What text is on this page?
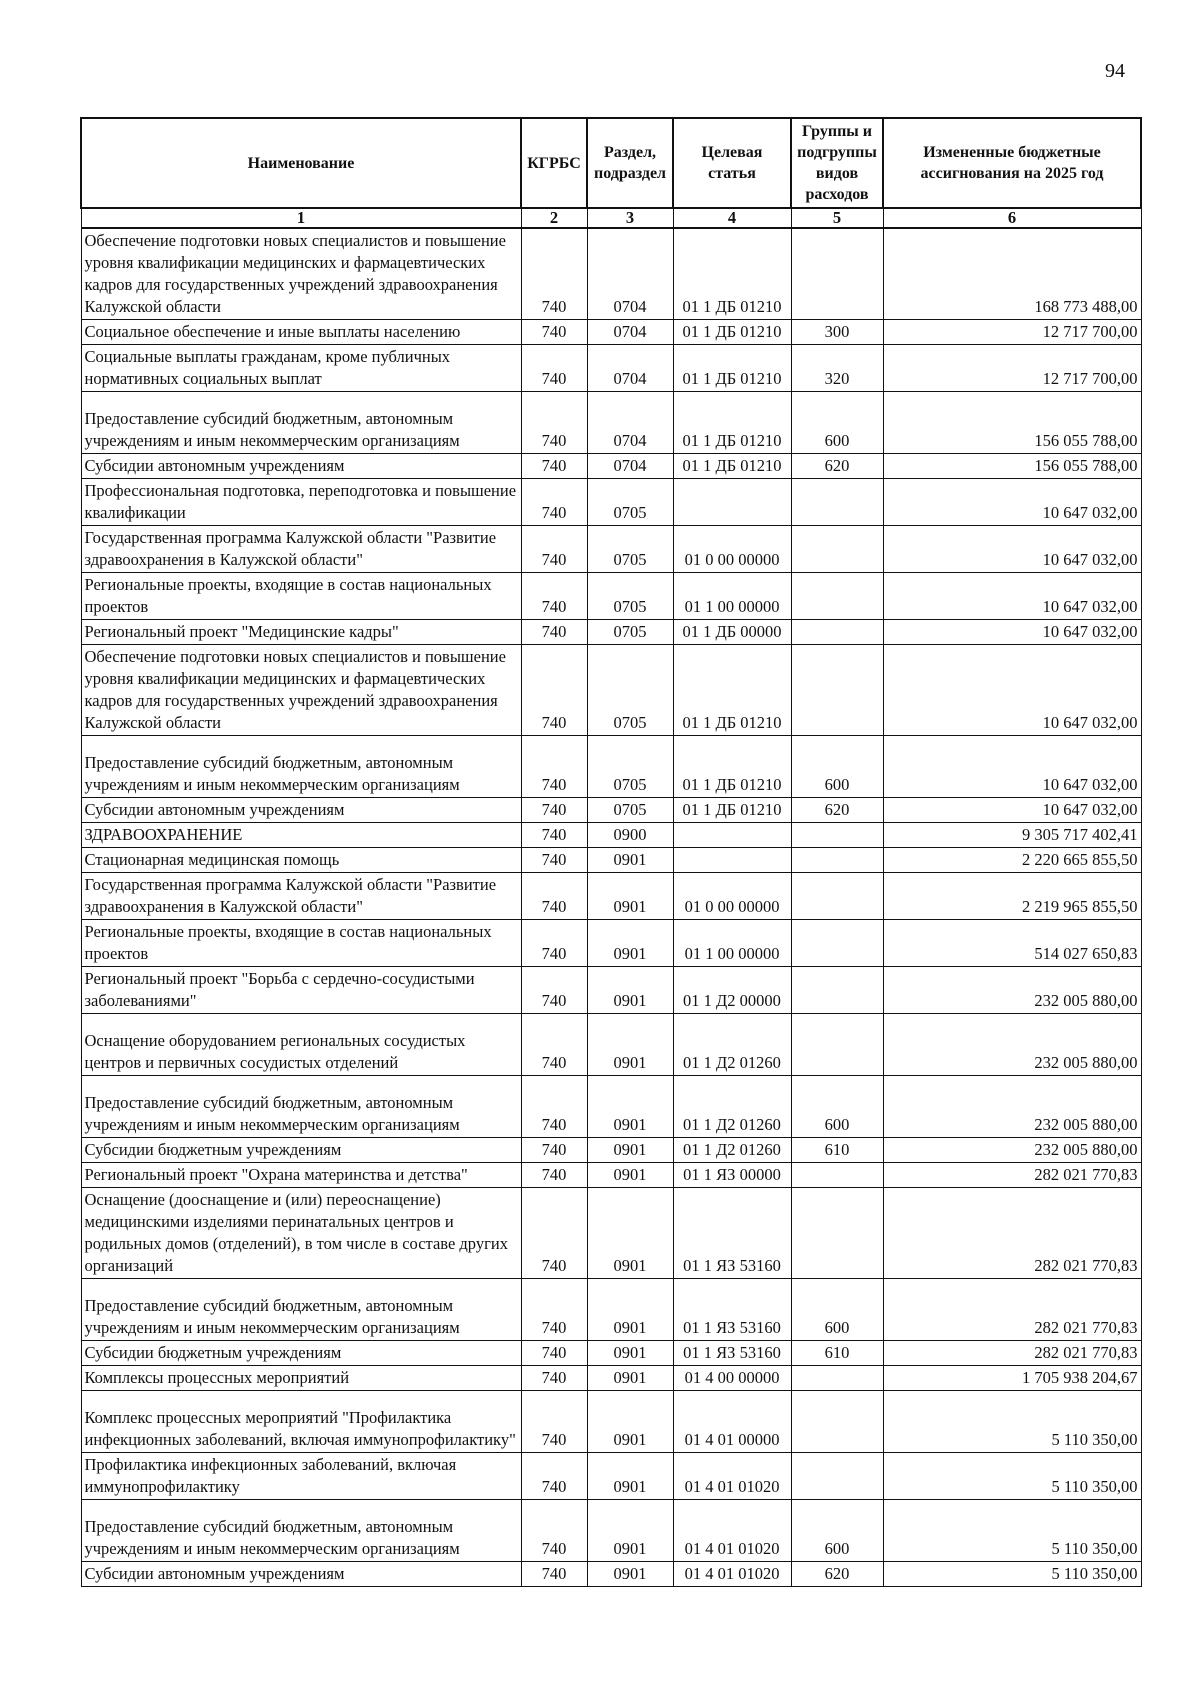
94
Наименование	КГРБС	Раздел, подраздел	Целевая статья	Группы и подгруппы видов расходов	Измененные бюджетные ассигнования на 2025 год
1	2	3	4	5	6
Обеспечение подготовки новых специалистов и повышение уровня квалификации медицинских и фармацевтических кадров для государственных учреждений здравоохранения Калужской области	740	0704	01 1 ДБ 01210		168 773 488,00
Социальное обеспечение и иные выплаты населению	740	0704	01 1 ДБ 01210	300	12 717 700,00
Социальные выплаты гражданам, кроме публичных нормативных социальных выплат	740	0704	01 1 ДБ 01210	320	12 717 700,00
Предоставление субсидий бюджетным, автономным учреждениям и иным некоммерческим организациям	740	0704	01 1 ДБ 01210	600	156 055 788,00
Субсидии автономным учреждениям	740	0704	01 1 ДБ 01210	620	156 055 788,00
Профессиональная подготовка, переподготовка и повышение квалификации	740	0705			10 647 032,00
Государственная программа Калужской области "Развитие здравоохранения в Калужской области"	740	0705	01 0 00 00000		10 647 032,00
Региональные проекты, входящие в состав национальных проектов	740	0705	01 1 00 00000		10 647 032,00
Региональный проект "Медицинские кадры"	740	0705	01 1 ДБ 00000		10 647 032,00
Обеспечение подготовки новых специалистов и повышение уровня квалификации медицинских и фармацевтических кадров для государственных учреждений здравоохранения Калужской области	740	0705	01 1 ДБ 01210		10 647 032,00
Предоставление субсидий бюджетным, автономным учреждениям и иным некоммерческим организациям	740	0705	01 1 ДБ 01210	600	10 647 032,00
Субсидии автономным учреждениям	740	0705	01 1 ДБ 01210	620	10 647 032,00
ЗДРАВООХРАНЕНИЕ	740	0900			9 305 717 402,41
Стационарная медицинская помощь	740	0901			2 220 665 855,50
Государственная программа Калужской области "Развитие здравоохранения в Калужской области"	740	0901	01 0 00 00000		2 219 965 855,50
Региональные проекты, входящие в состав национальных проектов	740	0901	01 1 00 00000		514 027 650,83
Региональный проект "Борьба с сердечно-сосудистыми заболеваниями"	740	0901	01 1 Д2 00000		232 005 880,00
Оснащение оборудованием региональных сосудистых центров и первичных сосудистых отделений	740	0901	01 1 Д2 01260		232 005 880,00
Предоставление субсидий бюджетным, автономным учреждениям и иным некоммерческим организациям	740	0901	01 1 Д2 01260	600	232 005 880,00
Субсидии бюджетным учреждениям	740	0901	01 1 Д2 01260	610	232 005 880,00
Региональный проект "Охрана материнства и детства"	740	0901	01 1 ЯЗ 00000		282 021 770,83
Оснащение (дооснащение и (или) переоснащение) медицинскими изделиями перинатальных центров и родильных домов (отделений), в том числе в составе других организаций	740	0901	01 1 ЯЗ 53160		282 021 770,83
Предоставление субсидий бюджетным, автономным учреждениям и иным некоммерческим организациям	740	0901	01 1 ЯЗ 53160	600	282 021 770,83
Субсидии бюджетным учреждениям	740	0901	01 1 ЯЗ 53160	610	282 021 770,83
Комплексы процессных мероприятий	740	0901	01 4 00 00000		1 705 938 204,67
Комплекс процессных мероприятий "Профилактика инфекционных заболеваний, включая иммунопрофилактику"	740	0901	01 4 01 00000		5 110 350,00
Профилактика инфекционных заболеваний, включая иммунопрофилактику	740	0901	01 4 01 01020		5 110 350,00
Предоставление субсидий бюджетным, автономным учреждениям и иным некоммерческим организациям	740	0901	01 4 01 01020	600	5 110 350,00
Субсидии автономным учреждениям	740	0901	01 4 01 01020	620	5 110 350,00
